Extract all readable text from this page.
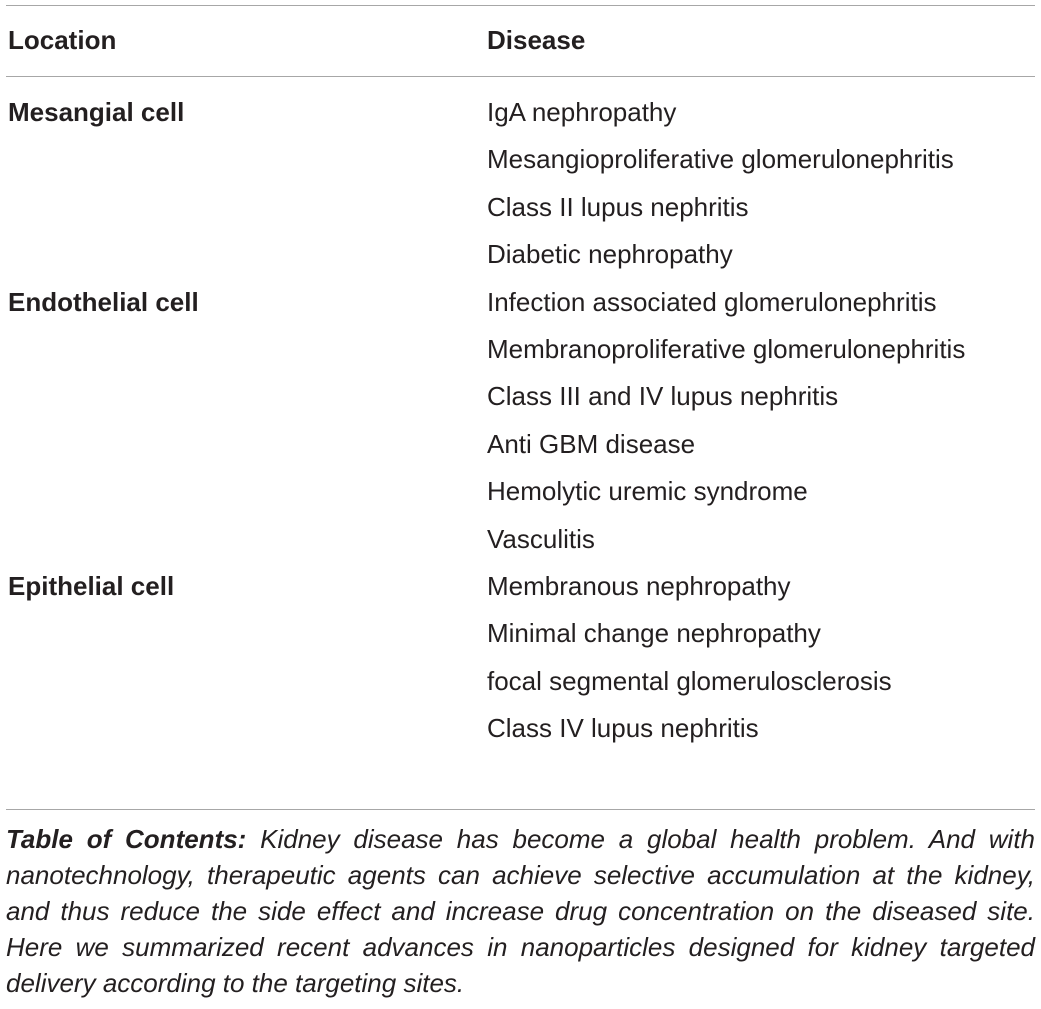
Location	Disease
Mesangial cell	IgA nephropathy
Mesangioproliferative glomerulonephritis
Class II lupus nephritis
Diabetic nephropathy
Endothelial cell	Infection associated glomerulonephritis
Membranoproliferative glomerulonephritis
Class III and IV lupus nephritis
Anti GBM disease
Hemolytic uremic syndrome
Vasculitis
Epithelial cell	Membranous nephropathy
Minimal change nephropathy
focal segmental glomerulosclerosis
Class IV lupus nephritis

Table of Contents: Kidney disease has become a global health problem. And with nanotechnology, therapeutic agents can achieve selective accumulation at the kidney, and thus reduce the side effect and increase drug concentration on the diseased site. Here we summarized recent advances in nanoparticles designed for kidney targeted delivery according to the targeting sites.
